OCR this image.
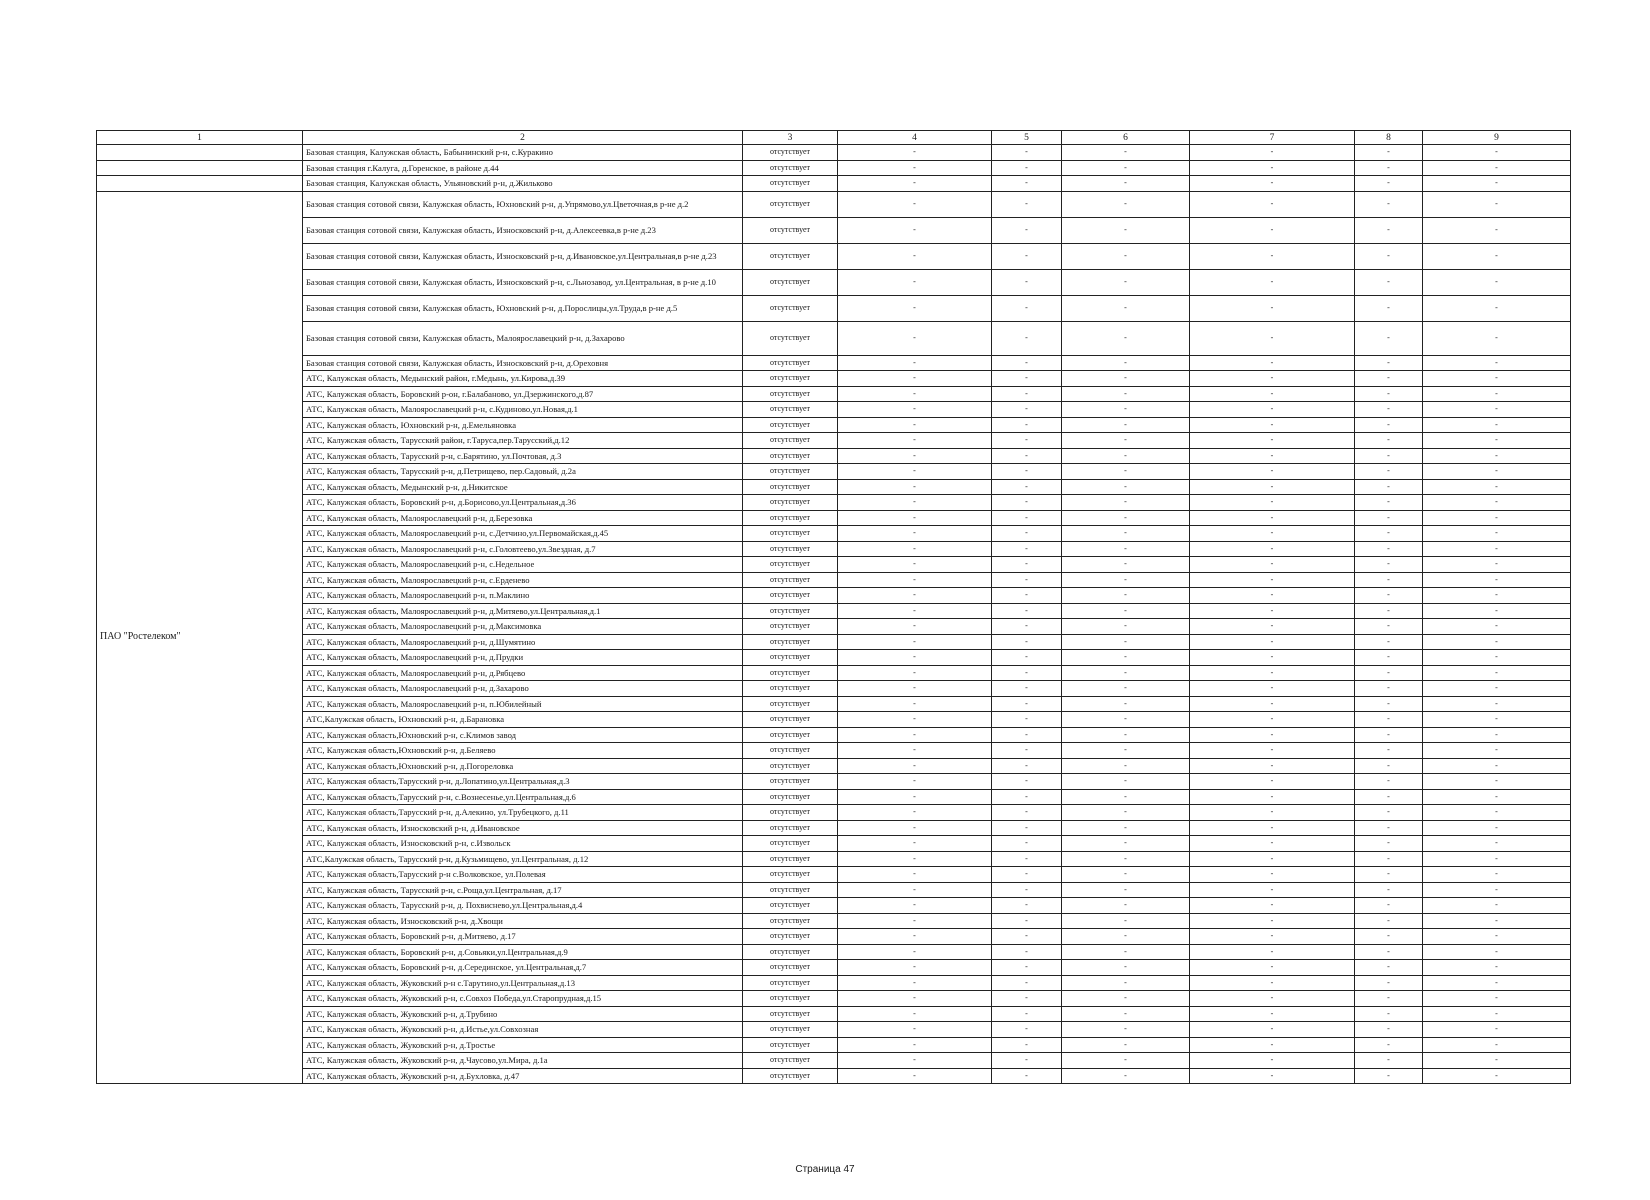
1	2	3	4	5	6	7	8	9
	Базовая станция, Калужская область, Бабынинский р-н, с.Куракино	отсутствует	-	-	-	-	-	-
	Базовая станция г.Калуга, д.Горенское, в районе д.44	отсутствует	-	-	-	-	-	-
	Базовая станция, Калужская область, Ульяновский р-н, д.Жильково	отсутствует	-	-	-	-	-	-
ПАО "Ростелеком"	Базовая станция сотовой связи, Калужская область, Юхновский р-н, д.Упрямово,ул.Цветочная,в р-не д.2	отсутствует	-	-	-	-	-	-
	Базовая станция сотовой связи, Калужская область, Износковский р-н, д.Алексеевка,в р-не д.23	отсутствует	-	-	-	-	-	-
	Базовая станция сотовой связи, Калужская область, Износковский р-н, д.Ивановское,ул.Центральная,в р-не д.23	отсутствует	-	-	-	-	-	-
	Базовая станция сотовой связи, Калужская область, Износковский р-н, с.Льнозавод, ул.Центральная, в р-не д.10	отсутствует	-	-	-	-	-	-
	Базовая станция сотовой связи, Калужская область, Юхновский р-н, д.Порослицы,ул.Труда,в р-не д.5	отсутствует	-	-	-	-	-	-
	Базовая станция сотовой связи, Калужская область, Малоярославецкий р-н, д.Захарово	отсутствует	-	-	-	-	-	-
	Базовая станция сотовой связи, Калужская область, Износковский р-н, д.Ореховня	отсутствует	-	-	-	-	-	-
	АТС, Калужская область, Медынский район, г.Медынь, ул.Кирова,д.39	отсутствует	-	-	-	-	-	-
	АТС, Калужская область, Боровский р-он, г.Балабаново, ул.Дзержинского,д.87	отсутствует	-	-	-	-	-	-
	АТС, Калужская область, Малоярославецкий р-н, с.Кудиново,ул.Новая,д.1	отсутствует	-	-	-	-	-	-
	АТС, Калужская область, Юхновский р-н, д.Емельяновка	отсутствует	-	-	-	-	-	-
	АТС, Калужская область, Тарусский район, г.Таруса,пер.Тарусский,д.12	отсутствует	-	-	-	-	-	-
	АТС, Калужская область, Тарусский р-н, с.Барятино, ул.Почтовая, д.3	отсутствует	-	-	-	-	-	-
	АТС, Калужская область, Тарусский р-н, д.Петрищево, пер.Садовый, д.2а	отсутствует	-	-	-	-	-	-
	АТС, Калужская область, Медынский р-н, д.Никитское	отсутствует	-	-	-	-	-	-
	АТС, Калужская область, Боровский р-н, д.Борисово,ул.Центральная,д.36	отсутствует	-	-	-	-	-	-
	АТС, Калужская область, Малоярославецкий р-н, д.Березовка	отсутствует	-	-	-	-	-	-
	АТС, Калужская область, Малоярославецкий р-н, с.Детчино,ул.Первомайская,д.45	отсутствует	-	-	-	-	-	-
	АТС, Калужская область, Малоярославецкий р-н, с.Головтеево,ул.Звездная, д.7	отсутствует	-	-	-	-	-	-
	АТС, Калужская область, Малоярославецкий р-н, с.Недельное	отсутствует	-	-	-	-	-	-
	АТС, Калужская область, Малоярославецкий р-н, с.Ерденево	отсутствует	-	-	-	-	-	-
	АТС, Калужская область, Малоярославецкий р-н, п.Маклино	отсутствует	-	-	-	-	-	-
	АТС, Калужская область, Малоярославецкий р-н, д.Митяево,ул.Центральная,д.1	отсутствует	-	-	-	-	-	-
	АТС, Калужская область, Малоярославецкий р-н, д.Максимовка	отсутствует	-	-	-	-	-	-
	АТС, Калужская область, Малоярославецкий р-н, д.Шумятино	отсутствует	-	-	-	-	-	-
	АТС, Калужская область, Малоярославецкий р-н, д.Прудки	отсутствует	-	-	-	-	-	-
	АТС, Калужская область, Малоярославецкий р-н, д.Рябцево	отсутствует	-	-	-	-	-	-
	АТС, Калужская область, Малоярославецкий р-н, д.Захарово	отсутствует	-	-	-	-	-	-
	АТС, Калужская область, Малоярославецкий р-н, п.Юбилейный	отсутствует	-	-	-	-	-	-
	АТС,Калужская область, Юхновский р-н, д.Барановка	отсутствует	-	-	-	-	-	-
	АТС, Калужская область,Юхновский р-н, с.Климов завод	отсутствует	-	-	-	-	-	-
	АТС, Калужская область,Юхновский р-н, д.Беляево	отсутствует	-	-	-	-	-	-
	АТС, Калужская область,Юхновский р-н, д.Погореловка	отсутствует	-	-	-	-	-	-
	АТС, Калужская область,Тарусский р-н, д.Лопатино,ул.Центральная,д.3	отсутствует	-	-	-	-	-	-
	АТС, Калужская область,Тарусский р-н, с.Вознесенье,ул.Центральная,д.6	отсутствует	-	-	-	-	-	-
	АТС, Калужская область,Тарусский р-н, д.Алекино, ул.Трубецкого, д.11	отсутствует	-	-	-	-	-	-
	АТС, Калужская область, Износковский р-н, д.Ивановское	отсутствует	-	-	-	-	-	-
	АТС, Калужская область, Износковский р-н, с.Извольск	отсутствует	-	-	-	-	-	-
	АТС,Калужская область, Тарусский р-н, д.Кузьмищево, ул.Центральная, д.12	отсутствует	-	-	-	-	-	-
	АТС, Калужская область,Тарусский р-н с.Волковское, ул.Полевая	отсутствует	-	-	-	-	-	-
	АТС, Калужская область, Тарусский р-н, с.Роща,ул.Центральная, д.17	отсутствует	-	-	-	-	-	-
	АТС, Калужская область, Тарусский р-н, д. Похвиснево,ул.Центральная,д.4	отсутствует	-	-	-	-	-	-
	АТС, Калужская область, Износковский р-н, д.Хвощи	отсутствует	-	-	-	-	-	-
	АТС, Калужская область, Боровский р-н, д.Митяево, д.17	отсутствует	-	-	-	-	-	-
	АТС, Калужская область, Боровский р-н, д.Совьяки,ул.Центральная,д.9	отсутствует	-	-	-	-	-	-
	АТС, Калужская область, Боровский р-н, д.Серединское, ул.Центральная,д.7	отсутствует	-	-	-	-	-	-
	АТС, Калужская область, Жуковский р-н с.Тарутино,ул.Центральная,д.13	отсутствует	-	-	-	-	-	-
	АТС, Калужская область, Жуковский р-н, с.Совхоз Победа,ул.Старопрудная,д.15	отсутствует	-	-	-	-	-	-
	АТС, Калужская область, Жуковский р-н, д.Трубино	отсутствует	-	-	-	-	-	-
	АТС, Калужская область, Жуковский р-н, д.Истье,ул.Совхозная	отсутствует	-	-	-	-	-	-
	АТС, Калужская область, Жуковский р-н, д.Тростье	отсутствует	-	-	-	-	-	-
	АТС, Калужская область, Жуковский р-н, д.Чаусово,ул.Мира, д.1а	отсутствует	-	-	-	-	-	-
	АТС, Калужская область, Жуковский р-н, д.Бухловка, д.47	отсутствует	-	-	-	-	-	-
Страница 47
